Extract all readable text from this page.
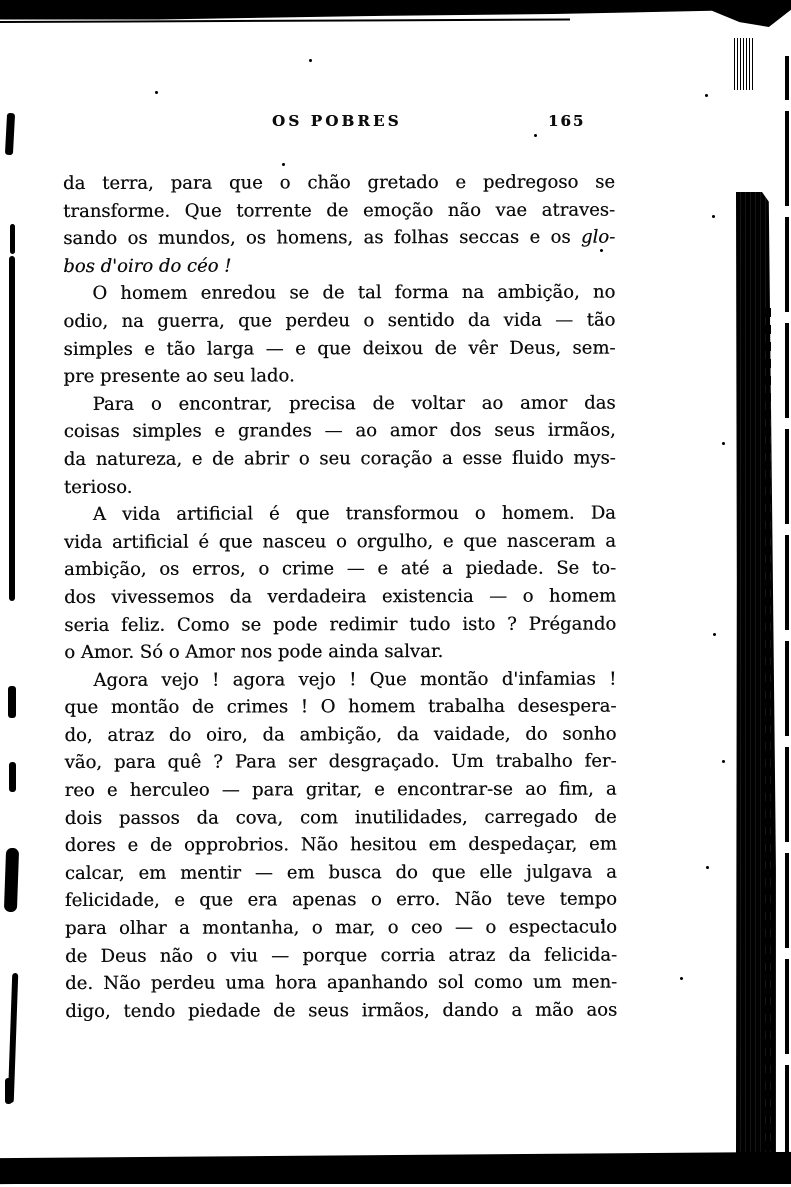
OS POBRES	165
da terra, para que o chão gretado e pedregoso se
transforme. Que torrente de emoção não vae atraves-
sando os mundos, os homens, as folhas seccas e os glo-
bos d'oiro do céo !
O homem enredou se de tal forma na ambição, no
odio, na guerra, que perdeu o sentido da vida — tão
simples e tão larga — e que deixou de vêr Deus, sem-
pre presente ao seu lado.
Para o encontrar, precisa de voltar ao amor das
coisas simples e grandes — ao amor dos seus irmãos,
da natureza, e de abrir o seu coração a esse fluido mys-
terioso.
A vida artificial é que transformou o homem. Da
vida artificial é que nasceu o orgulho, e que nasceram a
ambição, os erros, o crime — e até a piedade. Se to-
dos vivessemos da verdadeira existencia — o homem
seria feliz. Como se pode redimir tudo isto ? Prégando
o Amor. Só o Amor nos pode ainda salvar.
Agora vejo ! agora vejo ! Que montão d'infamias !
que montão de crimes ! O homem trabalha desespera-
do, atraz do oiro, da ambição, da vaidade, do sonho
vão, para quê ? Para ser desgraçado. Um trabalho fer-
reo e herculeo — para gritar, e encontrar-se ao fim, a
dois passos da cova, com inutilidades, carregado de
dores e de opprobrios. Não hesitou em despedaçar, em
calcar, em mentir — em busca do que elle julgava a
felicidade, e que era apenas o erro. Não teve tempo
para olhar a montanha, o mar, o ceo — o espectaculo
de Deus não o viu — porque corria atraz da felicida-
de. Não perdeu uma hora apanhando sol como um men-
digo, tendo piedade de seus irmãos, dando a mão aos
